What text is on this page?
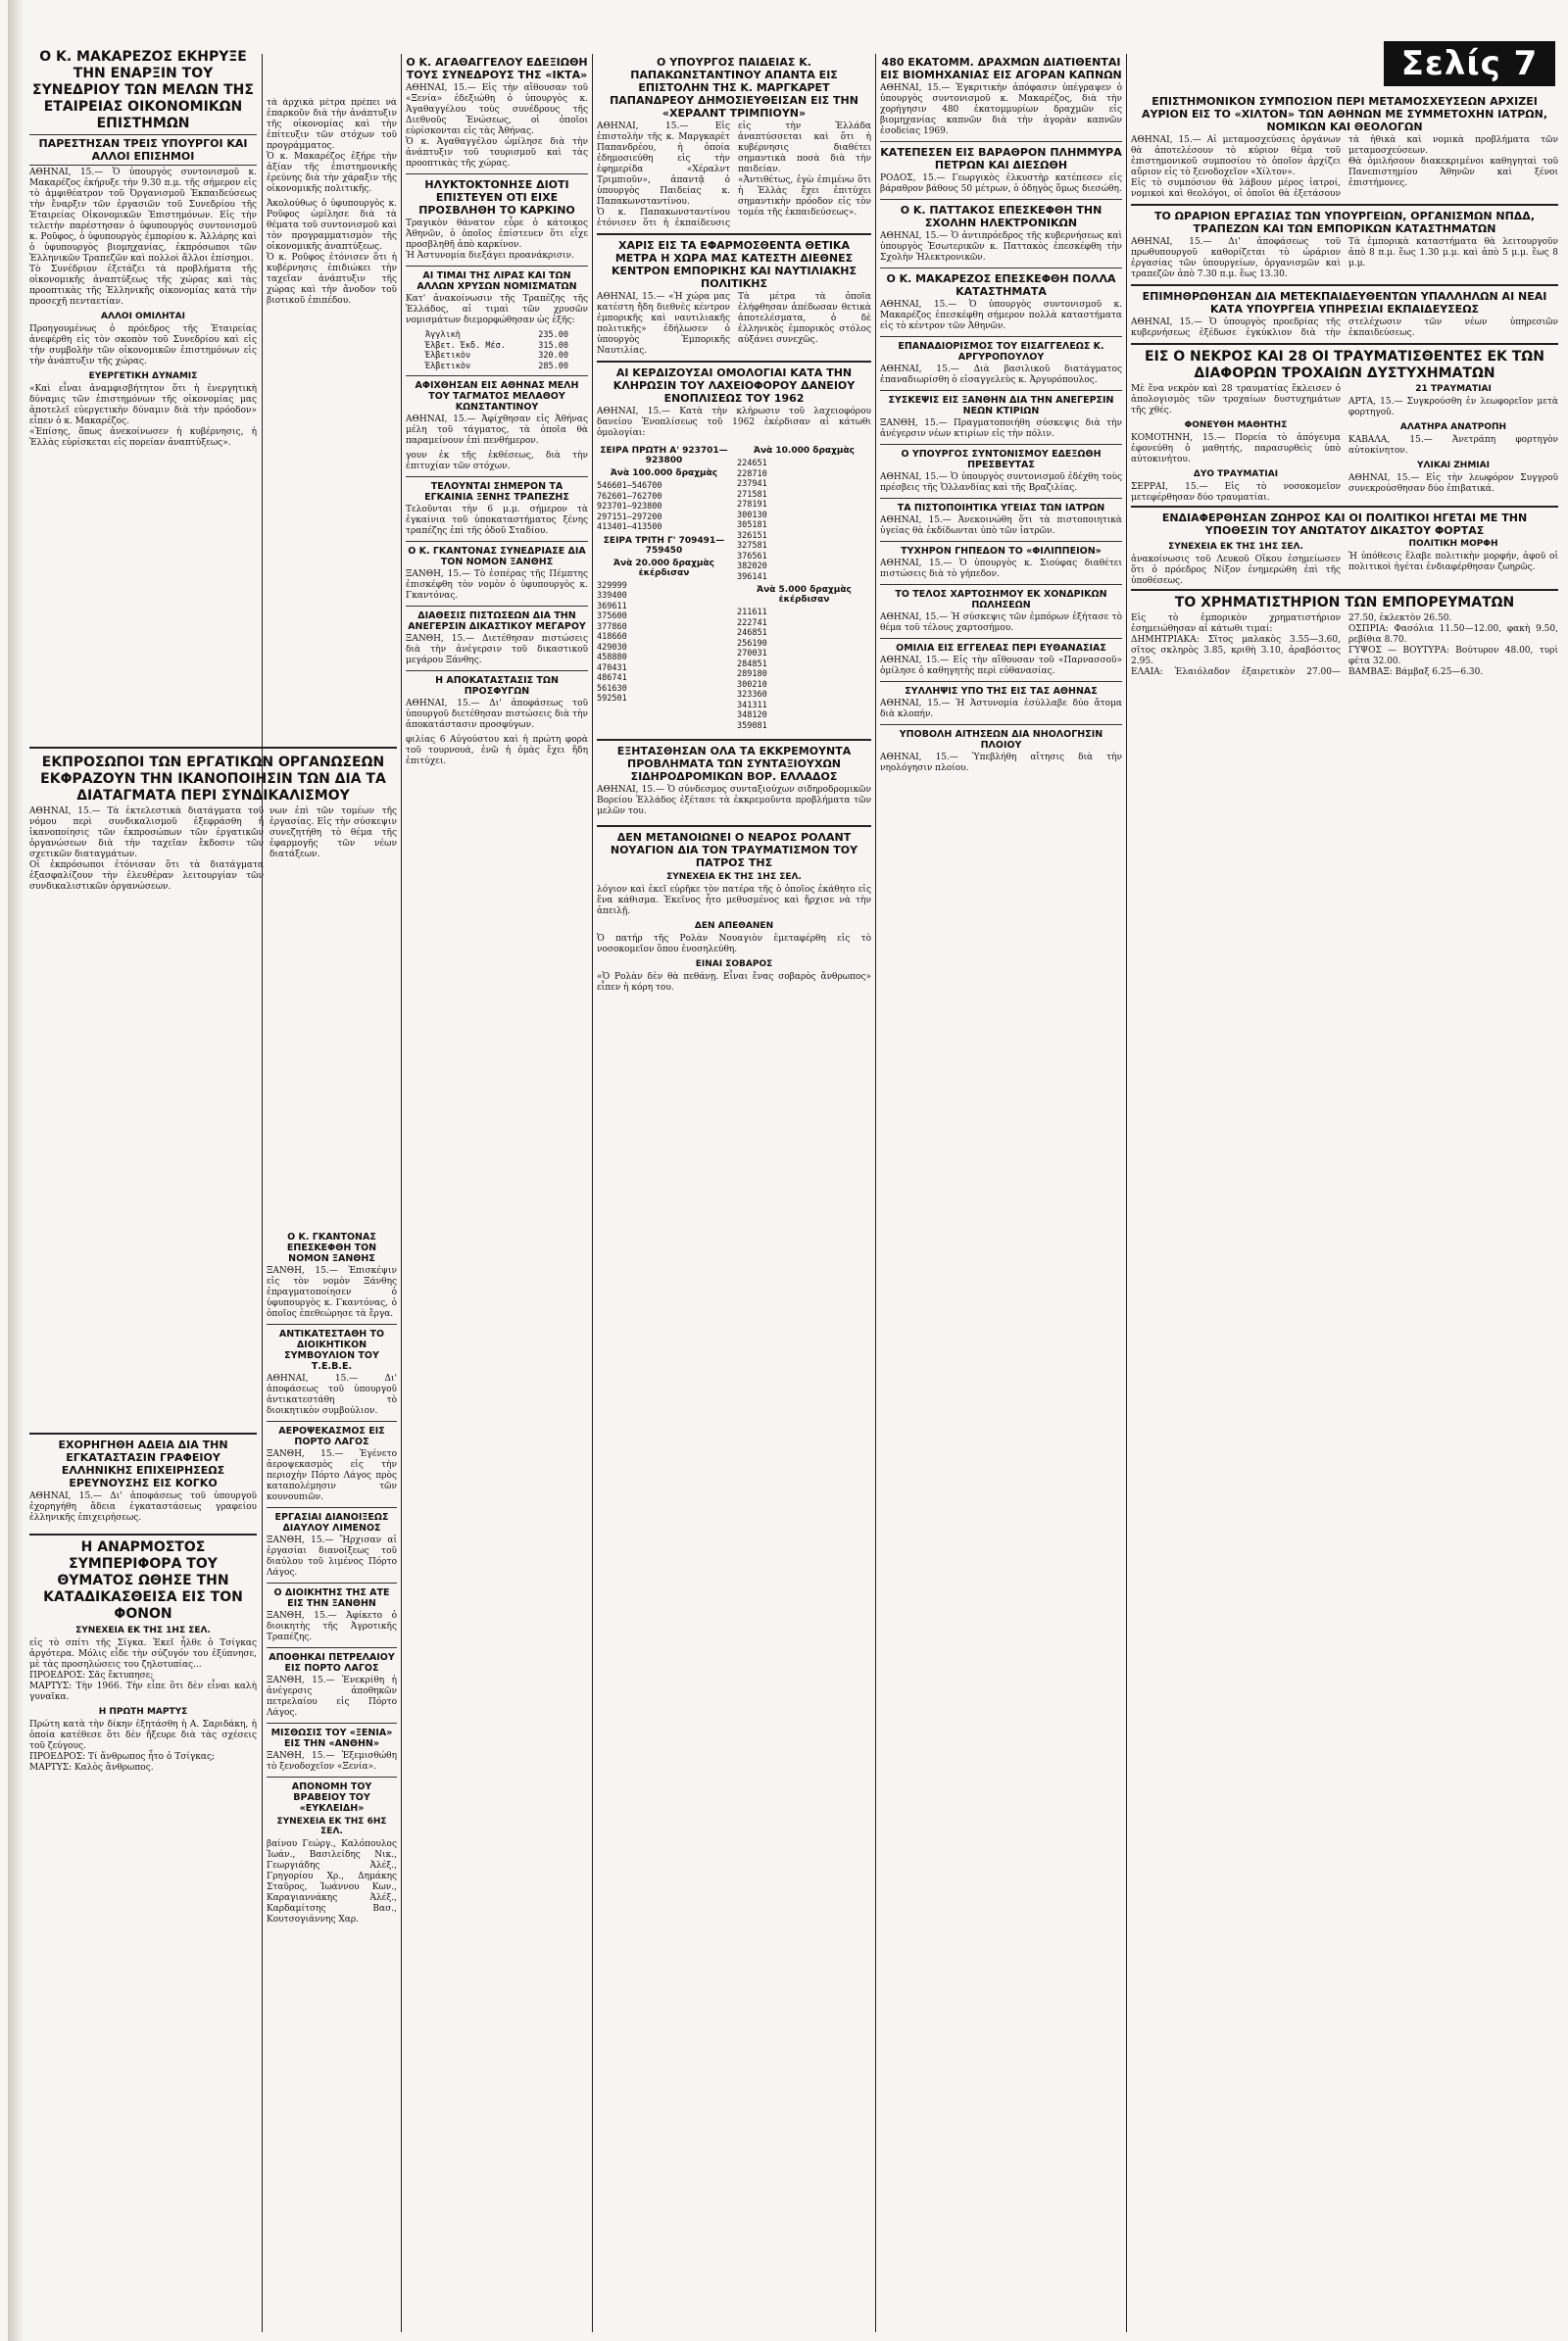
Σελίς 7
Ο Κ. ΜΑΚΑΡΕΖΟΣ ΕΚΗΡΥΞΕ ΤΗΝ ΕΝΑΡΞΙΝ ΤΟΥ ΣΥΝΕΔΡΙΟΥ ΤΩΝ ΜΕΛΩΝ ΤΗΣ ΕΤΑΙΡΕΙΑΣ ΟΙΚΟΝΟΜΙΚΩΝ ΕΠΙΣΤΗΜΩΝ
ΠΑΡΕΣΤΗΣΑΝ ΤΡΕΙΣ ΥΠΟΥΡΓΟΙ ΚΑΙ ΑΛΛΟΙ ΕΠΙΣΗΜΟΙ

ΑΘΗΝΑΙ, 15.— Ὁ ὑπουργὸς συντονισμοῦ κ. Μακαρέζος ἐκήρυξε τὴν 9.30 π.μ. τῆς σήμερον εἰς τὸ ἀμφιθέατρον τοῦ Ὀργανισμοῦ Ἐκπαιδεύσεως τὴν ἔναρξιν τῶν ἐργασιῶν τοῦ Συνεδρίου τῆς Ἑταιρείας Οἰκονομικῶν Ἐπιστημόνων. Εἰς τὴν τελετὴν παρέστησαν ὁ ὑφυπουργὸς συντονισμοῦ κ. Ροῦφος, ὁ ὑφυπουργὸς ἐμπορίου κ. Ἀλλάρης καὶ ὁ ὑφυπουργὸς βιομηχανίας, ἐκπρόσωποι τῶν Ἑλληνικῶν Τραπεζῶν καὶ πολλοὶ ἄλλοι ἐπίσημοι.
Τὸ Συνέδριον ἐξετάζει τὰ προβλήματα τῆς οἰκονομικῆς ἀναπτύξεως τῆς χώρας καὶ τὰς προοπτικὰς τῆς Ἑλληνικῆς οἰκονομίας κατὰ τὴν προσεχῆ πενταετίαν.

ΑΛΛΟΙ ΟΜΙΛΗΤΑΙ

Προηγουμένως ὁ πρόεδρος τῆς Ἑταιρείας ἀνεφέρθη εἰς τὸν σκοπὸν τοῦ Συνεδρίου καὶ εἰς τὴν συμβολὴν τῶν οἰκονομικῶν ἐπιστημόνων εἰς τὴν ἀνάπτυξιν τῆς χώρας.

ΕΥΕΡΓΕΤΙΚΗ ΔΥΝΑΜΙΣ

«Καὶ εἶναι ἀναμφισβήτητον ὅτι ἡ ἐνεργητικὴ δύναμις τῶν ἐπιστημόνων τῆς οἰκονομίας μας ἀποτελεῖ εὐεργετικὴν δύναμιν διὰ τὴν πρόοδον» εἶπεν ὁ κ. Μακαρέζος.
«Ἐπίσης, ὅπως ἀνεκοίνωσεν ἡ κυβέρνησις, ἡ Ἐλλὰς εὑρίσκεται εἰς πορείαν ἀναπτύξεως».

τὰ ἀρχικὰ μέτρα πρέπει νὰ ἐπαρκοῦν διὰ τὴν ἀνάπτυξιν τῆς οἰκονομίας καὶ τὴν ἐπίτευξιν τῶν στόχων τοῦ προγράμματος.
Ὁ κ. Μακαρέζος ἐξήρε τὴν ἀξίαν τῆς ἐπιστημονικῆς ἐρεύνης διὰ τὴν χάραξιν τῆς οἰκονομικῆς πολιτικῆς.

Ἀκολούθως ὁ ὑφυπουργὸς κ. Ροῦφος ὡμίλησε διὰ τὰ θέματα τοῦ συντονισμοῦ καὶ τὸν προγραμματισμὸν τῆς οἰκονομικῆς ἀναπτύξεως.
Ὁ κ. Ροῦφος ἐτόνισεν ὅτι ἡ κυβέρνησις ἐπιδιώκει τὴν ταχεῖαν ἀνάπτυξιν τῆς χώρας καὶ τὴν ἄνοδον τοῦ βιοτικοῦ ἐπιπέδου.

ΕΚΠΡΟΣΩΠΟΙ ΤΩΝ ΕΡΓΑΤΙΚΩΝ ΟΡΓΑΝΩΣΕΩΝ ΕΚΦΡΑΖΟΥΝ ΤΗΝ ΙΚΑΝΟΠΟΙΗΣΙΝ ΤΩΝ ΔΙΑ ΤΑ ΔΙΑΤΑΓΜΑΤΑ ΠΕΡΙ ΣΥΝΔΙΚΑΛΙΣΜΟΥ

ΑΘΗΝΑΙ, 15.— Τὰ ἐκτελεστικὰ διατάγματα τοῦ νόμου περὶ συνδικαλισμοῦ ἐξεφράσθη ἡ ἱκανοποίησις τῶν ἐκπροσώπων τῶν ἐργατικῶν ὀργανώσεων διὰ τὴν ταχεῖαν ἔκδοσιν τῶν σχετικῶν διαταγμάτων.
Οἱ ἐκπρόσωποι ἐτόνισαν ὅτι τὰ διατάγματα ἐξασφαλίζουν τὴν ἐλευθέραν λειτουργίαν τῶν συνδικαλιστικῶν ὀργανώσεων.

νων ἐπὶ τῶν τομέων τῆς ἐργασίας. Εἰς τὴν σύσκεψιν συνεζητήθη τὸ θέμα τῆς ἐφαρμογῆς τῶν νέων διατάξεων.

Ο Κ. ΓΚΑΝΤΟΝΑΣ ΕΠΕΣΚΕΦΘΗ ΤΟΝ ΝΟΜΟΝ ΞΑΝΘΗΣ

ΞΑΝΘΗ, 15.— Ἐπισκέψιν εἰς τὸν νομὸν Ξάνθης ἐπραγματοποίησεν ὁ ὑφυπουργὸς κ. Γκαντόνας, ὁ ὁποῖος ἐπεθεώρησε τὰ ἔργα.

ΑΝΤΙΚΑΤΕΣΤΑΘΗ ΤΟ ΔΙΟΙΚΗΤΙΚΟΝ ΣΥΜΒΟΥΛΙΟΝ ΤΟΥ Τ.Ε.Β.Ε.

ΑΘΗΝΑΙ, 15.— Δι' ἀποφάσεως τοῦ ὑπουργοῦ ἀντικατεστάθη τὸ διοικητικὸν συμβούλιον.

ΑΕΡΟΨΕΚΑΣΜΟΣ ΕΙΣ ΠΟΡΤΟ ΛΑΓΟΣ

ΞΑΝΘΗ, 15.— Ἐγένετο ἀεροψεκασμὸς εἰς τὴν περιοχὴν Πόρτο Λάγος πρὸς καταπολέμησιν τῶν κουνουπιῶν.

ΕΡΓΑΣΙΑΙ ΔΙΑΝΟΙΞΕΩΣ ΔΙΑΥΛΟΥ ΛΙΜΕΝΟΣ

ΞΑΝΘΗ, 15.— Ἤρχισαν αἱ ἐργασίαι διανοίξεως τοῦ διαύλου τοῦ λιμένος Πόρτο Λάγος.

Ο ΔΙΟΙΚΗΤΗΣ ΤΗΣ ΑΤΕ ΕΙΣ ΤΗΝ ΞΑΝΘΗΝ

ΞΑΝΘΗ, 15.— Ἀφίκετο ὁ διοικητὴς τῆς Ἀγροτικῆς Τραπέζης.

ΑΠΟΘΗΚΑΙ ΠΕΤΡΕΛΑΙΟΥ ΕΙΣ ΠΟΡΤΟ ΛΑΓΟΣ

ΞΑΝΘΗ, 15.— Ἐνεκρίθη ἡ ἀνέγερσις ἀποθηκῶν πετρελαίου εἰς Πόρτο Λάγος.

ΜΙΣΘΩΣΙΣ ΤΟΥ «ΞΕΝΙΑ» ΕΙΣ ΤΗΝ «ΑΝΘΗΝ»

ΞΑΝΘΗ, 15.— Ἐξεμισθώθη τὸ ξενοδοχεῖον «Ξενία».

ΑΠΟΝΟΜΗ ΤΟΥ ΒΡΑΒΕΙΟΥ ΤΟΥ «ΕΥΚΛΕΙΔΗ»
ΣΥΝΕΧΕΙΑ ΕΚ ΤΗΣ 6ΗΣ ΣΕΛ.

βαίνου Γεώργ., Καλόπουλος Ἰωάν., Βασιλείδης Νικ., Γεωργιάδης Ἀλέξ., Γρηγορίου Χρ., Δημάκης Σταῦρος, Ἰωάννου Κων., Καραγιαννάκης Ἀλέξ., Καρδαμίτσης Βασ., Κουτσογιάννης Χαρ.

ΕΧΟΡΗΓΗΘΗ ΑΔΕΙΑ ΔΙΑ ΤΗΝ ΕΓΚΑΤΑΣΤΑΣΙΝ ΓΡΑΦΕΙΟΥ ΕΛΛΗΝΙΚΗΣ ΕΠΙΧΕΙΡΗΣΕΩΣ ΕΡΕΥΝΟΥΣΗΣ ΕΙΣ ΚΟΓΚΟ

ΑΘΗΝΑΙ, 15.— Δι' ἀποφάσεως τοῦ ὑπουργοῦ ἐχορηγήθη ἄδεια ἐγκαταστάσεως γραφείου ἐλληνικῆς ἐπιχειρήσεως.

Η ΑΝΑΡΜΟΣΤΟΣ ΣΥΜΠΕΡΙΦΟΡΑ ΤΟΥ ΘΥΜΑΤΟΣ ΩΘΗΣΕ ΤΗΝ ΚΑΤΑΔΙΚΑΣΘΕΙΣΑ ΕΙΣ ΤΟΝ ΦΟΝΟΝ
ΣΥΝΕΧΕΙΑ ΕΚ ΤΗΣ 1ΗΣ ΣΕΛ.

εἰς τὸ σπίτι τῆς Σίγκα. Ἐκεῖ ἦλθε ὁ Τσίγκας ἀργότερα. Μόλις εἶδε τὴν σύζυγόν του ἐξύπνησε, μὲ τὰς προσηλώσεις του ζηλοτυπίας...
ΠΡΟΕΔΡΟΣ: Σᾶς ἔκτυπησε;
ΜΑΡΤΥΣ: Τὴν 1966. Τὴν εἶπε ὅτι δὲν εἶναι καλὴ γυναῖκα.

Η ΠΡΩΤΗ ΜΑΡΤΥΣ

Πρώτη κατὰ τὴν δίκην ἐξητάσθη ἡ Α. Σαριδάκη, ἡ ὁποία κατέθεσε ὅτι δὲν ἤξευρε διὰ τὰς σχέσεις τοῦ ζεύγους.
ΠΡΟΕΔΡΟΣ: Τί ἄνθρωπος ἦτο ὁ Τσίγκας;
ΜΑΡΤΥΣ: Καλὸς ἄνθρωπος.

Ο Κ. ΑΓΑΘΑΓΓΕΛΟΥ ΕΔΕΞΙΩΘΗ ΤΟΥΣ ΣΥΝΕΔΡΟΥΣ ΤΗΣ «ΙΚΤΑ»

ΑΘΗΝΑΙ, 15.— Εἰς τὴν αἴθουσαν τοῦ «Ξενία» ἐδεξιώθη ὁ ὑπουργὸς κ. Ἀγαθαγγέλου τοὺς συνέδρους τῆς Διεθνοῦς Ἑνώσεως, οἱ ὁποῖοι εὑρίσκονται εἰς τὰς Ἀθήνας.
Ὁ κ. Ἀγαθαγγέλου ὡμίλησε διὰ τὴν ἀνάπτυξιν τοῦ τουρισμοῦ καὶ τὰς προοπτικὰς τῆς χώρας.

ΗΛΥΚΤΟΚΤΟΝΗΣΕ ΔΙΟΤΙ ΕΠΙΣΤΕΥΕΝ ΟΤΙ ΕΙΧΕ ΠΡΟΣΒΛΗΘΗ ΤΟ ΚΑΡΚΙΝΟ

Τραγικὸν θάνατον εὗρε ὁ κάτοικος Ἀθηνῶν, ὁ ὁποῖος ἐπίστευεν ὅτι εἶχε προσβληθῆ ἀπὸ καρκίνον.
Ἡ Ἀστυνομία διεξάγει προανάκρισιν.

ΑΙ ΤΙΜΑΙ ΤΗΣ ΛΙΡΑΣ ΚΑΙ ΤΩΝ ΑΛΛΩΝ ΧΡΥΣΩΝ ΝΟΜΙΣΜΑΤΩΝ

Κατ' ἀνακοίνωσιν τῆς Τραπέζης τῆς Ἑλλάδος, αἱ τιμαὶ τῶν χρυσῶν νομισμάτων διεμορφώθησαν ὡς ἑξῆς:

Ἀγγλικὴ	235.00
Ἐλβετ. Ἐκδ. Μέσ.	315.00
Ἑλβετικὸν	320.00
Ἐλβετικὸν	285.00
ΑΦΙΧΘΗΣΑΝ ΕΙΣ ΑΘΗΝΑΣ ΜΕΛΗ ΤΟΥ ΤΑΓΜΑΤΟΣ ΜΕΛΑΘΟΥ ΚΩΝΣΤΑΝΤΙΝΟΥ

ΑΘΗΝΑΙ, 15.— Ἀφίχθησαν εἰς Ἀθήνας μέλη τοῦ τάγματος, τὰ ὁποῖα θὰ παραμείνουν ἐπὶ πενθήμερον.

γουν ἐκ τῆς ἐκθέσεως, διὰ τὴν ἐπιτυχίαν τῶν στόχων.

ΤΕΛΟΥΝΤΑΙ ΣΗΜΕΡΟΝ ΤΑ ΕΓΚΑΙΝΙΑ ΞΕΝΗΣ ΤΡΑΠΕΖΗΣ

Τελοῦνται τὴν 6 μ.μ. σήμερον τὰ ἐγκαίνια τοῦ ὑποκαταστήματος ξένης τραπέζης ἐπὶ τῆς ὁδοῦ Σταδίου.

Ο Κ. ΓΚΑΝΤΟΝΑΣ ΣΥΝΕΔΡΙΑΣΕ ΔΙΑ ΤΟΝ ΝΟΜΟΝ ΞΑΝΘΗΣ

ΞΑΝΘΗ, 15.— Τὸ ἐσπέρας τῆς Πέμπτης ἐπισκέφθη τὸν νομὸν ὁ ὑφυπουργὸς κ. Γκαντόνας.

ΔΙΑΘΕΣΙΣ ΠΙΣΤΩΣΕΩΝ ΔΙΑ ΤΗΝ ΑΝΕΓΕΡΣΙΝ ΔΙΚΑΣΤΙΚΟΥ ΜΕΓΑΡΟΥ

ΞΑΝΘΗ, 15.— Διετέθησαν πιστώσεις διὰ τὴν ἀνέγερσιν τοῦ δικαστικοῦ μεγάρου Ξάνθης.

Η ΑΠΟΚΑΤΑΣΤΑΣΙΣ ΤΩΝ ΠΡΟΣΦΥΓΩΝ

ΑΘΗΝΑΙ, 15.— Δι' ἀποφάσεως τοῦ ὑπουργοῦ διετέθησαν πιστώσεις διὰ τὴν ἀποκατάστασιν προσφύγων.

φιλίας 6 Αὐγούστου καὶ ἡ πρώτη φορὰ τοῦ τουρνουά, ἐνῶ ἡ ὁμὰς ἔχει ἤδη ἐπιτύχει.

Ο ΥΠΟΥΡΓΟΣ ΠΑΙΔΕΙΑΣ Κ. ΠΑΠΑΚΩΝΣΤΑΝΤΙΝΟΥ ΑΠΑΝΤΑ ΕΙΣ ΕΠΙΣΤΟΛΗΝ ΤΗΣ Κ. ΜΑΡΓΚΑΡΕΤ ΠΑΠΑΝΔΡΕΟΥ ΔΗΜΟΣΙΕΥΘΕΙΣΑΝ ΕΙΣ ΤΗΝ «ΧΕΡΑΛΝΤ ΤΡΙΜΠΙΟΥΝ»

ΑΘΗΝΑΙ, 15.— Εἰς ἐπιστολὴν τῆς κ. Μαργκαρὲτ Παπανδρέου, ἡ ὁποία ἐδημοσιεύθη εἰς τὴν ἐφημερίδα «Χέραλντ Τριμπιοῦν», ἀπαντᾷ ὁ ὑπουργὸς Παιδείας κ. Παπακωνσταντίνου.
Ὁ κ. Παπακωνσταντίνου ἐτόνισεν ὅτι ἡ ἐκπαίδευσις εἰς τὴν Ἑλλάδα ἀναπτύσσεται καὶ ὅτι ἡ κυβέρνησις διαθέτει σημαντικὰ ποσὰ διὰ τὴν παιδείαν.
«Ἀντιθέτως, ἐγὼ ἐπιμένω ὅτι ἡ Ἑλλὰς ἔχει ἐπιτύχει σημαντικὴν πρόοδον εἰς τὸν τομέα τῆς ἐκπαιδεύσεως».

ΧΑΡΙΣ ΕΙΣ ΤΑ ΕΦΑΡΜΟΣΘΕΝΤΑ ΘΕΤΙΚΑ ΜΕΤΡΑ Η ΧΩΡΑ ΜΑΣ ΚΑΤΕΣΤΗ ΔΙΕΘΝΕΣ ΚΕΝΤΡΟΝ ΕΜΠΟΡΙΚΗΣ ΚΑΙ ΝΑΥΤΙΛΙΑΚΗΣ ΠΟΛΙΤΙΚΗΣ

ΑΘΗΝΑΙ, 15.— «Ἡ χώρα μας κατέστη ἤδη διεθνὲς κέντρον ἐμπορικῆς καὶ ναυτιλιακῆς πολιτικῆς» ἐδήλωσεν ὁ ὑπουργὸς Ἐμπορικῆς Ναυτιλίας.
Τὰ μέτρα τὰ ὁποῖα ἐλήφθησαν ἀπέδωσαν θετικὰ ἀποτελέσματα, ὁ δὲ ἑλληνικὸς ἐμπορικὸς στόλος αὐξάνει συνεχῶς.

ΑΙ ΚΕΡΔΙΖΟΥΣΑΙ ΟΜΟΛΟΓΙΑΙ ΚΑΤΑ ΤΗΝ ΚΛΗΡΩΣΙΝ ΤΟΥ ΛΑΧΕΙΟΦΟΡΟΥ ΔΑΝΕΙΟΥ ΕΝΟΠΛΙΣΕΩΣ ΤΟΥ 1962

ΑΘΗΝΑΙ, 15.— Κατὰ τὴν κλήρωσιν τοῦ λαχειοφόρου δανείου Ἐνοπλίσεως τοῦ 1962 ἐκέρδισαν αἱ κάτωθι ὁμολογίαι:

ΣΕΙΡΑ ΠΡΩΤΗ Α' 923701—923800
Ἀνὰ 100.000 δραχμὰς
546601—546700
762601—762700
923701—923800
297151—297200
413401—413500
ΣΕΙΡΑ ΤΡΙΤΗ Γ' 709491—759450
Ἀνὰ 20.000 δραχμὰς ἐκέρδισαν
329999
339400
369611
375600
377860
418660
429030
458880
470431
486741
561630
592501
Ἀνὰ 10.000 δραχμὰς
224651
228710
237941
271581
278191
300130
305181
326151
327581
376561
382020
396141
Ἀνὰ 5.000 δραχμὰς ἐκέρδισαν
211611
222741
246851
256190
270031
284851
289180
300210
323360
341311
348120
359081
ΕΞΗΤΑΣΘΗΣΑΝ ΟΛΑ ΤΑ ΕΚΚΡΕΜΟΥΝΤΑ ΠΡΟΒΛΗΜΑΤΑ ΤΩΝ ΣΥΝΤΑΞΙΟΥΧΩΝ ΣΙΔΗΡΟΔΡΟΜΙΚΩΝ ΒΟΡ. ΕΛΛΑΔΟΣ

ΑΘΗΝΑΙ, 15.— Ὁ σύνδεσμος συνταξιούχων σιδηροδρομικῶν Βορείου Ἑλλάδος ἐξέτασε τὰ ἐκκρεμοῦντα προβλήματα τῶν μελῶν του.

ΔΕΝ ΜΕΤΑΝΟΙΩΝΕΙ Ο ΝΕΑΡΟΣ ΡΟΛΑΝΤ ΝΟΥΑΓΙΟΝ ΔΙΑ ΤΟΝ ΤΡΑΥΜΑΤΙΣΜΟΝ ΤΟΥ ΠΑΤΡΟΣ ΤΗΣ
ΣΥΝΕΧΕΙΑ ΕΚ ΤΗΣ 1ΗΣ ΣΕΛ.

λόγιον καὶ ἐκεῖ εὑρῆκε τὸν πατέρα τῆς ὁ ὁποῖος ἐκάθητο εἰς ἕνα κάθισμα. Ἐκεῖνος ἦτο μεθυσμένος καὶ ἤρχισε νὰ τὴν ἀπειλῇ.

ΔΕΝ ΑΠΕΘΑΝΕΝ

Ὁ πατήρ τῆς Ρολὰν Νουαγιὸν ἐμεταφέρθη εἰς τὸ νοσοκομεῖον ὅπου ἐνοσηλεύθη.

ΕΙΝΑΙ ΣΟΒΑΡΟΣ

«Ὁ Ρολὰν δὲν θὰ πεθάνῃ. Εἶναι ἕνας σοβαρὸς ἄνθρωπος» εἶπεν ἡ κόρη του.

480 ΕΚΑΤΟΜΜ. ΔΡΑΧΜΩΝ ΔΙΑΤΙΘΕΝΤΑΙ ΕΙΣ ΒΙΟΜΗΧΑΝΙΑΣ ΕΙΣ ΑΓΟΡΑΝ ΚΑΠΝΩΝ

ΑΘΗΝΑΙ, 15.— Ἐγκριτικὴν ἀπόφασιν ὑπέγραψεν ὁ ὑπουργὸς συντονισμοῦ κ. Μακαρέζος, διὰ τὴν χορήγησιν 480 ἑκατομμυρίων δραχμῶν εἰς βιομηχανίας καπνῶν διὰ τὴν ἀγορὰν καπνῶν ἐσοδείας 1969.

ΚΑΤΕΠΕΣΕΝ ΕΙΣ ΒΑΡΑΘΡΟΝ ΠΛΗΜΜΥΡΑ ΠΕΤΡΩΝ ΚΑΙ ΔΙΕΣΩΘΗ

ΡΟΔΟΣ, 15.— Γεωργικὸς ἐλκυστὴρ κατέπεσεν εἰς βάραθρον βάθους 50 μέτρων, ὁ ὁδηγὸς ὅμως διεσώθη.

Ο Κ. ΠΑΤΤΑΚΟΣ ΕΠΕΣΚΕΦΘΗ ΤΗΝ ΣΧΟΛΗΝ ΗΛΕΚΤΡΟΝΙΚΩΝ

ΑΘΗΝΑΙ, 15.— Ὁ ἀντιπρόεδρος τῆς κυβερνήσεως καὶ ὑπουργὸς Ἐσωτερικῶν κ. Παττακὸς ἐπεσκέφθη τὴν Σχολὴν Ἠλεκτρονικῶν.

Ο Κ. ΜΑΚΑΡΕΖΟΣ ΕΠΕΣΚΕΦΘΗ ΠΟΛΛΑ ΚΑΤΑΣΤΗΜΑΤΑ

ΑΘΗΝΑΙ, 15.— Ὁ ὑπουργὸς συντονισμοῦ κ. Μακαρέζος ἐπεσκέφθη σήμερον πολλὰ καταστήματα εἰς τὸ κέντρον τῶν Ἀθηνῶν.

ΕΠΑΝΑΔΙΟΡΙΣΜΟΣ ΤΟΥ ΕΙΣΑΓΓΕΛΕΩΣ Κ. ΑΡΓΥΡΟΠΟΥΛΟΥ

ΑΘΗΝΑΙ, 15.— Διὰ βασιλικοῦ διατάγματος ἐπαναδιωρίσθη ὁ εἰσαγγελεὺς κ. Ἀργυρόπουλος.

ΣΥΣΚΕΨΙΣ ΕΙΣ ΞΑΝΘΗΝ ΔΙΑ ΤΗΝ ΑΝΕΓΕΡΣΙΝ ΝΕΩΝ ΚΤΙΡΙΩΝ

ΞΑΝΘΗ, 15.— Πραγματοποιήθη σύσκεψις διὰ τὴν ἀνέγερσιν νέων κτιρίων εἰς τὴν πόλιν.

Ο ΥΠΟΥΡΓΟΣ ΣΥΝΤΟΝΙΣΜΟΥ ΕΔΕΞΩΘΗ ΠΡΕΣΒΕΥΤΑΣ

ΑΘΗΝΑΙ, 15.— Ὁ ὑπουργὸς συντονισμοῦ ἐδέχθη τοὺς πρέσβεις τῆς Ὁλλανδίας καὶ τῆς Βραζιλίας.

ΤΑ ΠΙΣΤΟΠΟΙΗΤΙΚΑ ΥΓΕΙΑΣ ΤΩΝ ΙΑΤΡΩΝ

ΑΘΗΝΑΙ, 15.— Ἀνεκοινώθη ὅτι τὰ πιστοποιητικὰ ὑγείας θὰ ἐκδίδωνται ὑπὸ τῶν ἰατρῶν.

ΤΥΧΗΡΟΝ ΓΗΠΕΔΟΝ ΤΟ «ΦΙΛΙΠΠΕΙΟΝ»

ΑΘΗΝΑΙ, 15.— Ὁ ὑπουργὸς κ. Σιούφας διαθέτει πιστώσεις διὰ τὸ γήπεδον.

ΤΟ ΤΕΛΟΣ ΧΑΡΤΟΣΗΜΟΥ ΕΚ ΧΟΝΔΡΙΚΩΝ ΠΩΛΗΣΕΩΝ

ΑΘΗΝΑΙ, 15.— Ἡ σύσκεψις τῶν ἐμπόρων ἐξήτασε τὸ θέμα τοῦ τέλους χαρτοσήμου.

ΟΜΙΛΙΑ ΕΙΣ ΕΓΓΕΛΕΑΣ ΠΕΡΙ ΕΥΘΑΝΑΣΙΑΣ

ΑΘΗΝΑΙ, 15.— Εἰς τὴν αἴθουσαν τοῦ «Παρνασσοῦ» ὁμίλησε ὁ καθηγητὴς περὶ εὐθανασίας.

ΣΥΛΛΗΨΙΣ ΥΠΟ ΤΗΣ ΕΙΣ ΤΑΣ ΑΘΗΝΑΣ

ΑΘΗΝΑΙ, 15.— Ἡ Ἀστυνομία ἐσύλλαβε δύο ἄτομα διὰ κλοπήν.

ΥΠΟΒΟΛΗ ΑΙΤΗΣΕΩΝ ΔΙΑ ΝΗΟΛΟΓΗΣΙΝ ΠΛΟΙΟΥ

ΑΘΗΝΑΙ, 15.— Ὑπεβλήθη αἴτησις διὰ τὴν νηολόγησιν πλοίου.

ΕΠΙΣΤΗΜΟΝΙΚΟΝ ΣΥΜΠΟΣΙΟΝ ΠΕΡΙ ΜΕΤΑΜΟΣΧΕΥΣΕΩΝ ΑΡΧΙΖΕΙ ΑΥΡΙΟΝ ΕΙΣ ΤΟ «ΧΙΛΤΟΝ» ΤΩΝ ΑΘΗΝΩΝ ΜΕ ΣΥΜΜΕΤΟΧΗΝ ΙΑΤΡΩΝ, ΝΟΜΙΚΩΝ ΚΑΙ ΘΕΟΛΟΓΩΝ

ΑΘΗΝΑΙ, 15.— Αἱ μεταμοσχεύσεις ὀργάνων θὰ ἀποτελέσουν τὸ κύριον θέμα τοῦ ἐπιστημονικοῦ συμποσίου τὸ ὁποῖον ἀρχίζει αὔριον εἰς τὸ ξενοδοχεῖον «Χίλτον».
Εἰς τὸ συμπόσιον θὰ λάβουν μέρος ἰατροί, νομικοὶ καὶ θεολόγοι, οἱ ὁποῖοι θὰ ἐξετάσουν τὰ ἠθικὰ καὶ νομικὰ προβλήματα τῶν μεταμοσχεύσεων.
Θὰ ὁμιλήσουν διακεκριμένοι καθηγηταὶ τοῦ Πανεπιστημίου Ἀθηνῶν καὶ ξένοι ἐπιστήμονες.

ΤΟ ΩΡΑΡΙΟΝ ΕΡΓΑΣΙΑΣ ΤΩΝ ΥΠΟΥΡΓΕΙΩΝ, ΟΡΓΑΝΙΣΜΩΝ ΝΠΔΔ, ΤΡΑΠΕΖΩΝ ΚΑΙ ΤΩΝ ΕΜΠΟΡΙΚΩΝ ΚΑΤΑΣΤΗΜΑΤΩΝ

ΑΘΗΝΑΙ, 15.— Δι' ἀποφάσεως τοῦ πρωθυπουργοῦ καθορίζεται τὸ ὡράριον ἐργασίας τῶν ὑπουργείων, ὀργανισμῶν καὶ τραπεζῶν ἀπὸ 7.30 π.μ. ἕως 13.30.
Τὰ ἐμπορικὰ καταστήματα θὰ λειτουργοῦν ἀπὸ 8 π.μ. ἕως 1.30 μ.μ. καὶ ἀπὸ 5 μ.μ. ἕως 8 μ.μ.

ΕΠΙΜΗΘΡΩΘΗΣΑΝ ΔΙΑ ΜΕΤΕΚΠΑΙΔΕΥΘΕΝΤΩΝ ΥΠΑΛΛΗΛΩΝ ΑΙ ΝΕΑΙ ΚΑΤΑ ΥΠΟΥΡΓΕΙΑ ΥΠΗΡΕΣΙΑΙ ΕΚΠΑΙΔΕΥΣΕΩΣ

ΑΘΗΝΑΙ, 15.— Ὁ ὑπουργὸς προεδρίας τῆς κυβερνήσεως ἐξέδωσε ἐγκύκλιον διὰ τὴν στελέχωσιν τῶν νέων ὑπηρεσιῶν ἐκπαιδεύσεως.

ΕΙΣ Ο ΝΕΚΡΟΣ ΚΑΙ 28 ΟΙ ΤΡΑΥΜΑΤΙΣΘΕΝΤΕΣ ΕΚ ΤΩΝ ΔΙΑΦΟΡΩΝ ΤΡΟΧΑΙΩΝ ΔΥΣΤΥΧΗΜΑΤΩΝ

Μὲ ἕνα νεκρὸν καὶ 28 τραυματίας ἔκλεισεν ὁ ἀπολογισμὸς τῶν τροχαίων δυστυχημάτων τῆς χθές.

ΦΟΝΕΥΘΗ ΜΑΘΗΤΗΣ

ΚΟΜΟΤΗΝΗ, 15.— Πορεία τὸ ἀπόγευμα ἐφονεύθη ὁ μαθητής, παρασυρθεὶς ὑπὸ αὐτοκινήτου.

ΔΥΟ ΤΡΑΥΜΑΤΙΑΙ

ΣΕΡΡΑΙ, 15.— Εἰς τὸ νοσοκομεῖον μετεφέρθησαν δύο τραυματίαι.

21 ΤΡΑΥΜΑΤΙΑΙ

ΑΡΤΑ, 15.— Συγκρούσθη ἐν λεωφορεῖον μετὰ φορτηγοῦ.

ΑΛΑΤΗΡΑ ΑΝΑΤΡΟΠΗ

ΚΑΒΑΛΑ, 15.— Ἀνετράπη φορτηγὸν αὐτοκίνητον.

ΥΛΙΚΑΙ ΖΗΜΙΑΙ

ΑΘΗΝΑΙ, 15.— Εἰς τὴν λεωφόρον Συγγροῦ συνεκρούσθησαν δύο ἐπιβατικά.

ΕΝΔΙΑΦΕΡΘΗΣΑΝ ΖΩΗΡΟΣ ΚΑΙ ΟΙ ΠΟΛΙΤΙΚΟΙ ΗΓΕΤΑΙ ΜΕ ΤΗΝ ΥΠΟΘΕΣΙΝ ΤΟΥ ΑΝΩΤΑΤΟΥ ΔΙΚΑΣΤΟΥ ΦΟΡΤΑΣ
ΣΥΝΕΧΕΙΑ ΕΚ ΤΗΣ 1ΗΣ ΣΕΛ.

ἀνακοίνωσις τοῦ Λευκοῦ Οἴκου ἐσημείωσεν ὅτι ὁ πρόεδρος Νίξον ἐνημερώθη ἐπὶ τῆς ὑποθέσεως.

ΠΟΛΙΤΙΚΗ ΜΟΡΦΗ

Ἡ ὑπόθεσις ἔλαβε πολιτικὴν μορφήν, ἀφοῦ οἱ πολιτικοὶ ἡγέται ἐνδιαφέρθησαν ζωηρῶς.

ΤΟ ΧΡΗΜΑΤΙΣΤΗΡΙΟΝ ΤΩΝ ΕΜΠΟΡΕΥΜΑΤΩΝ

Εἰς τὸ ἐμπορικὸν χρηματιστήριον ἐσημειώθησαν αἱ κάτωθι τιμαί:
ΔΗΜΗΤΡΙΑΚΑ: Σῖτος μαλακὸς 3.55—3.60, σῖτος σκληρὸς 3.85, κριθὴ 3.10, ἀραβόσιτος 2.95.
ΕΛΑΙΑ: Ἐλαιόλαδον ἐξαιρετικὸν 27.00—27.50, ἐκλεκτὸν 26.50.
ΟΣΠΡΙΑ: Φασόλια 11.50—12.00, φακὴ 9.50, ρεβίθια 8.70.
ΓΥΨΟΣ — ΒΟΥΤΥΡΑ: Βούτυρον 48.00, τυρὶ φέτα 32.00.
ΒΑΜΒΑΞ: Βάμβαξ 6.25—6.30.
